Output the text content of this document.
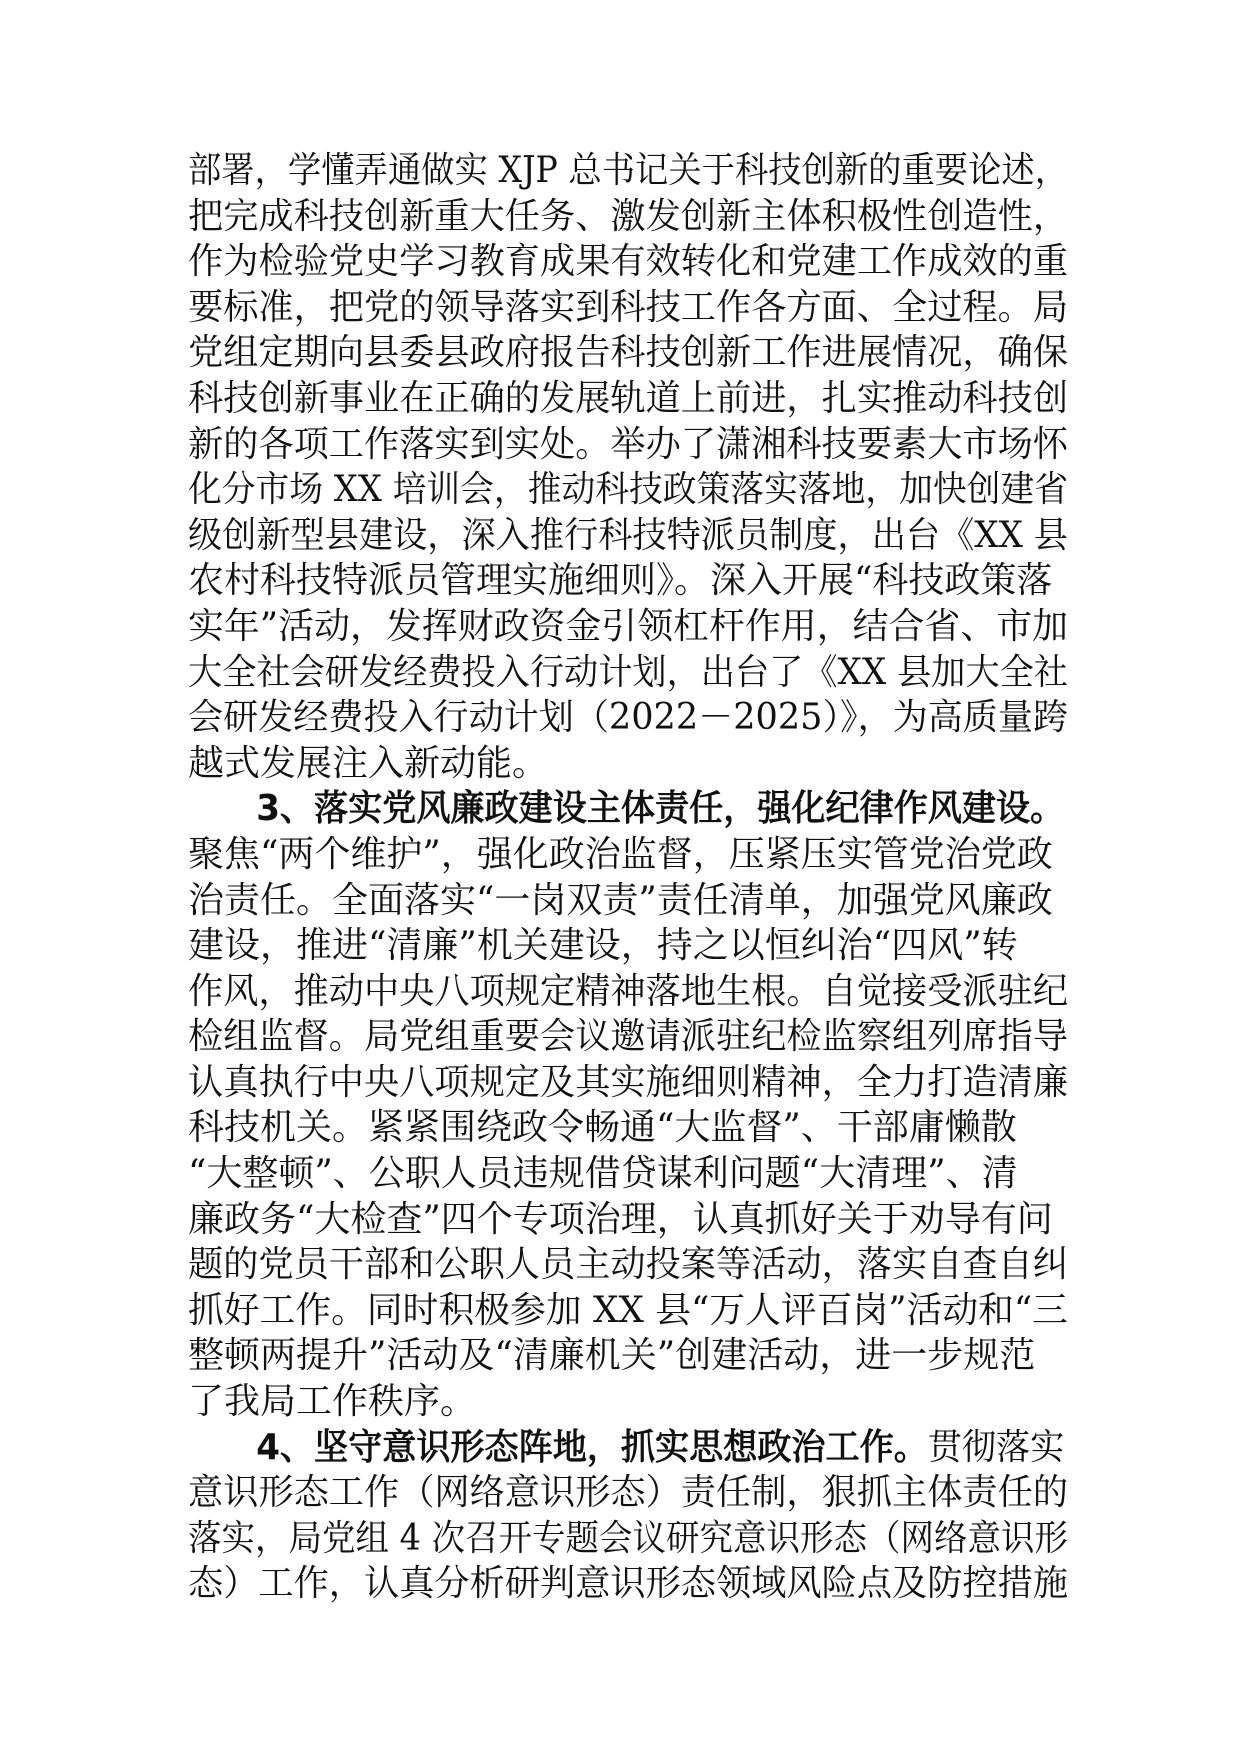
部署，学懂弄通做实 XJP 总书记关于科技创新的重要论述，
把完成科技创新重大任务、激发创新主体积极性创造性，
作为检验党史学习教育成果有效转化和党建工作成效的重
要标准，把党的领导落实到科技工作各方面、全过程。局
党组定期向县委县政府报告科技创新工作进展情况，确保
科技创新事业在正确的发展轨道上前进，扎实推动科技创
新的各项工作落实到实处。举办了潇湘科技要素大市场怀
化分市场 XX 培训会，推动科技政策落实落地，加快创建省
级创新型县建设，深入推行科技特派员制度，出台《XX 县
农村科技特派员管理实施细则》。深入开展“科技政策落
实年”活动，发挥财政资金引领杠杆作用，结合省、市加
大全社会研发经费投入行动计划，出台了《XX 县加大全社
会研发经费投入行动计划（2022－2025）》，为高质量跨
越式发展注入新动能。
3、落实党风廉政建设主体责任，强化纪律作风建设。
聚焦“两个维护”，强化政治监督，压紧压实管党治党政
治责任。全面落实“一岗双责”责任清单，加强党风廉政
建设，推进“清廉”机关建设，持之以恒纠治“四风”转
作风，推动中央八项规定精神落地生根。自觉接受派驻纪
检组监督。局党组重要会议邀请派驻纪检监察组列席指导
认真执行中央八项规定及其实施细则精神，全力打造清廉
科技机关。紧紧围绕政令畅通“大监督”、干部庸懒散
“大整顿”、公职人员违规借贷谋利问题“大清理”、清
廉政务“大检查”四个专项治理，认真抓好关于劝导有问
题的党员干部和公职人员主动投案等活动，落实自查自纠
抓好工作。同时积极参加 XX 县“万人评百岗”活动和“三
整顿两提升”活动及“清廉机关”创建活动，进一步规范
了我局工作秩序。
4、坚守意识形态阵地，抓实思想政治工作。贯彻落实
意识形态工作（网络意识形态）责任制，狠抓主体责任的
落实，局党组 4 次召开专题会议研究意识形态（网络意识形
态）工作，认真分析研判意识形态领域风险点及防控措施
